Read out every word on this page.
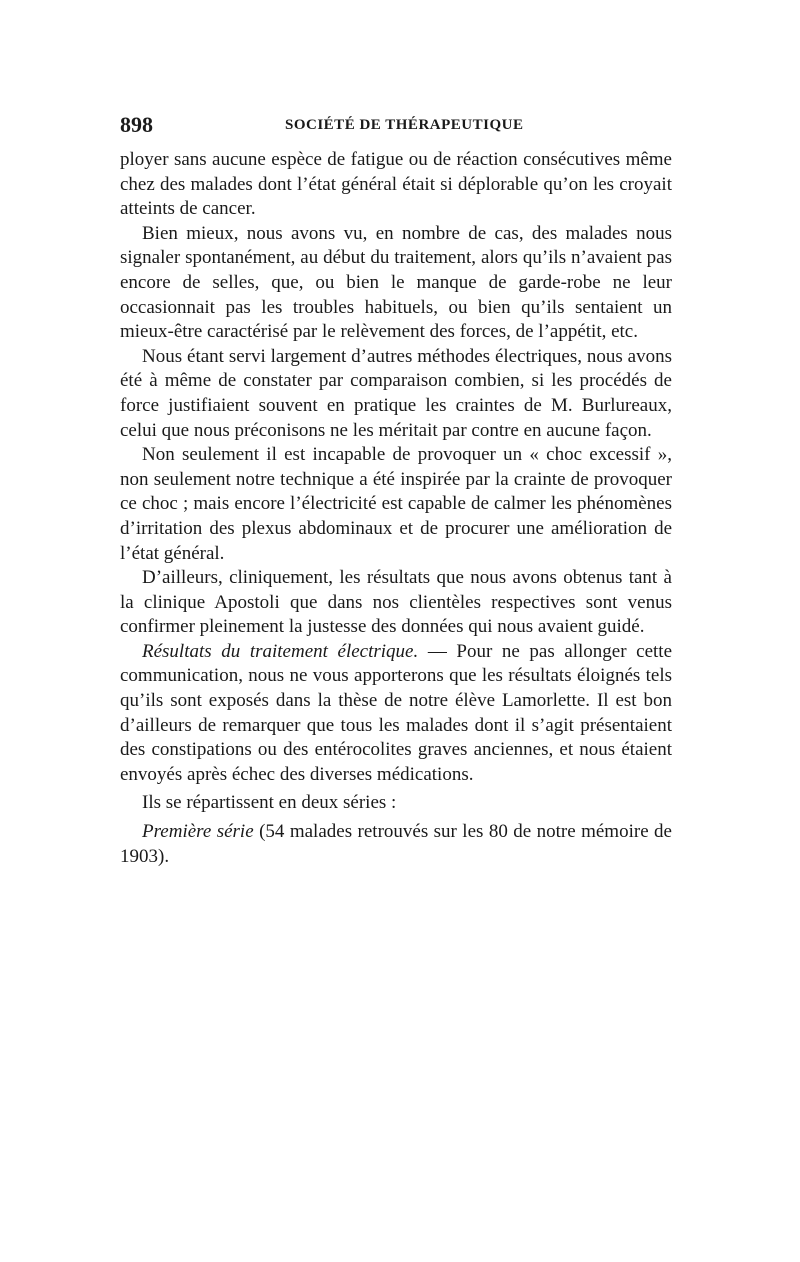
898	SOCIÉTÉ DE THÉRAPEUTIQUE

ployer sans aucune espèce de fatigue ou de réaction consécutives même chez des malades dont l’état général était si déplorable qu’on les croyait atteints de cancer.

Bien mieux, nous avons vu, en nombre de cas, des malades nous signaler spontanément, au début du traitement, alors qu’ils n’avaient pas encore de selles, que, ou bien le manque de garde-robe ne leur occasionnait pas les troubles habituels, ou bien qu’ils sentaient un mieux-être caractérisé par le relèvement des forces, de l’appétit, etc.

Nous étant servi largement d’autres méthodes électriques, nous avons été à même de constater par comparaison combien, si les procédés de force justifiaient souvent en pratique les craintes de M. Burlureaux, celui que nous préconisons ne les méritait par contre en aucune façon.

Non seulement il est incapable de provoquer un « choc excessif », non seulement notre technique a été inspirée par la crainte de provoquer ce choc ; mais encore l’électricité est capable de calmer les phénomènes d’irritation des plexus abdominaux et de procurer une amélioration de l’état général.

D’ailleurs, cliniquement, les résultats que nous avons obtenus tant à la clinique Apostoli que dans nos clientèles respectives sont venus confirmer pleinement la justesse des données qui nous avaient guidé.

Résultats du traitement électrique. — Pour ne pas allonger cette communication, nous ne vous apporterons que les résultats éloignés tels qu’ils sont exposés dans la thèse de notre élève Lamorlette. Il est bon d’ailleurs de remarquer que tous les malades dont il s’agit présentaient des constipations ou des entérocolites graves anciennes, et nous étaient envoyés après échec des diverses médications.

Ils se répartissent en deux séries :

Première série (54 malades retrouvés sur les 80 de notre mémoire de 1903).
